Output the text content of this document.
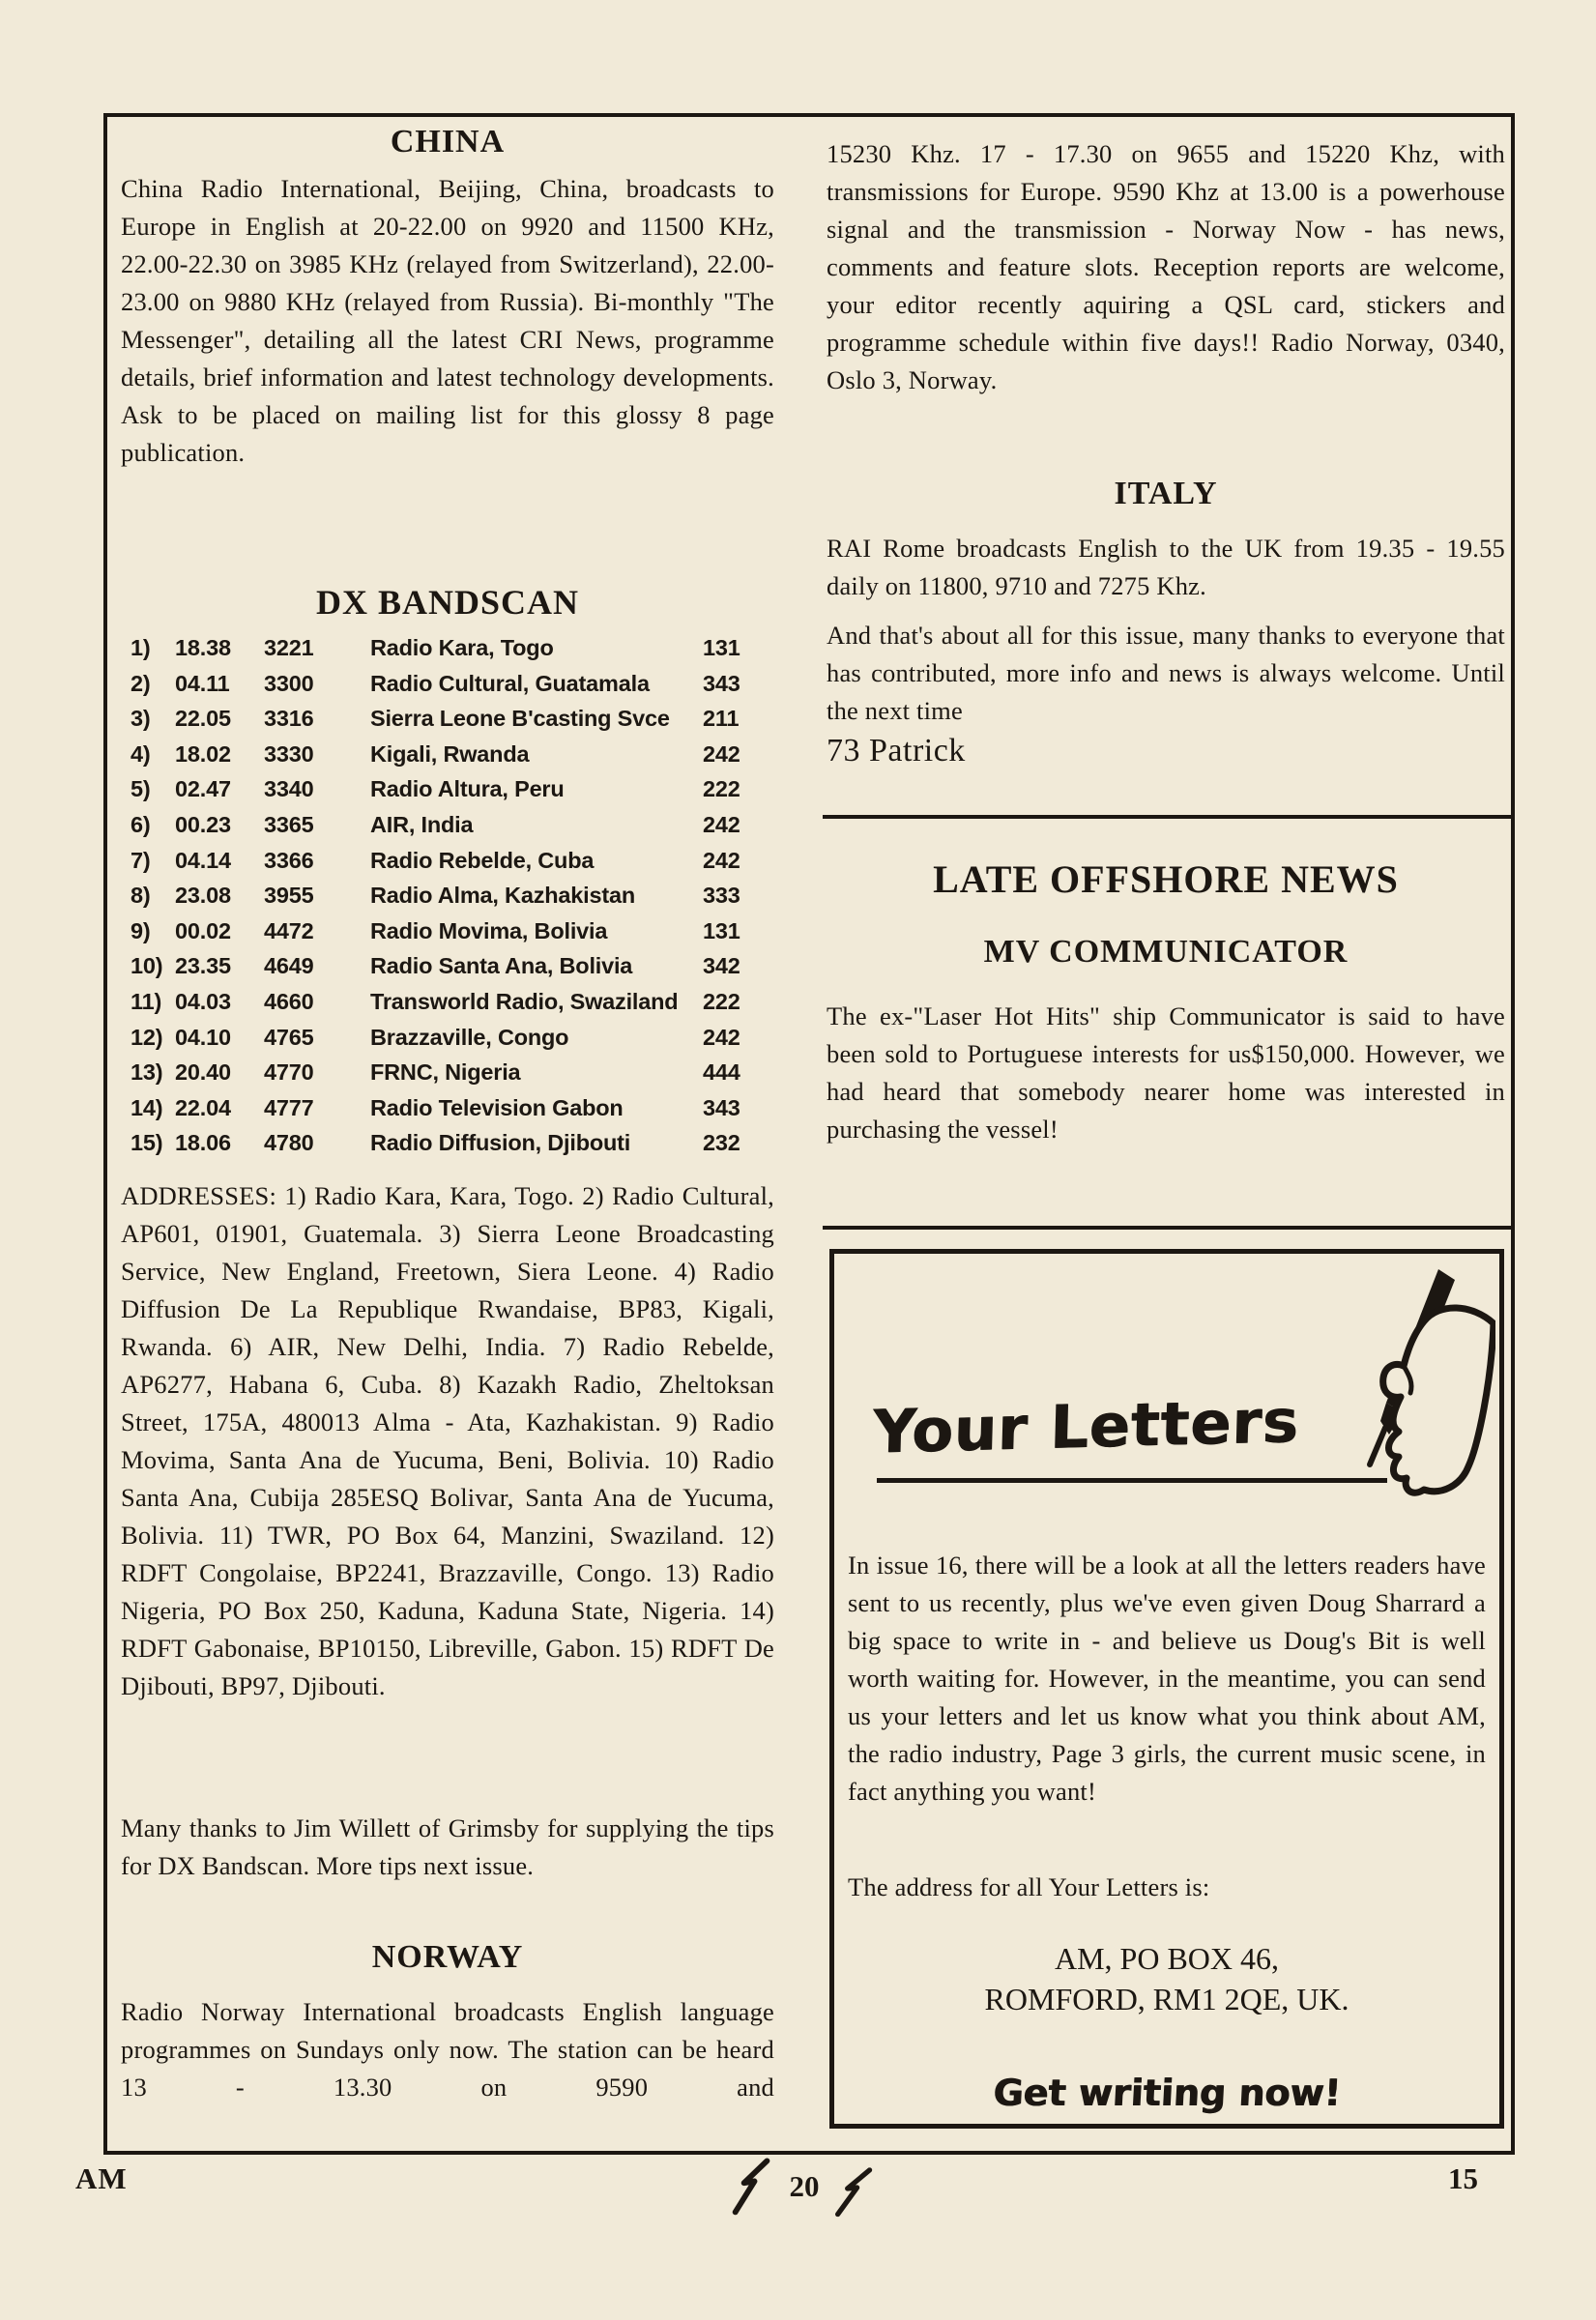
CHINA
China Radio International, Beijing, China, broadcasts to Europe in English at 20-22.00 on 9920 and 11500 KHz, 22.00-22.30 on 3985 KHz (relayed from Switzerland), 22.00-23.00 on 9880 KHz (relayed from Russia). Bi-monthly "The Messenger", detailing all the latest CRI News, programme details, brief information and latest technology developments. Ask to be placed on mailing list for this glossy 8 page publication.
DX BANDSCAN
1)	18.38	3221	Radio Kara, Togo	131
2)	04.11	3300	Radio Cultural, Guatamala	343
3)	22.05	3316	Sierra Leone B'casting Svce	211
4)	18.02	3330	Kigali, Rwanda	242
5)	02.47	3340	Radio Altura, Peru	222
6)	00.23	3365	AIR, India	242
7)	04.14	3366	Radio Rebelde, Cuba	242
8)	23.08	3955	Radio Alma, Kazhakistan	333
9)	00.02	4472	Radio Movima, Bolivia	131
10) 23.35	4649	Radio Santa Ana, Bolivia	342
11) 04.03	4660	Transworld Radio, Swaziland	222
12) 04.10	4765	Brazzaville, Congo	242
13) 20.40	4770	FRNC, Nigeria	444
14) 22.04	4777	Radio Television Gabon	343
15) 18.06	4780	Radio Diffusion, Djibouti	232
ADDRESSES: 1) Radio Kara, Kara, Togo. 2) Radio Cultural, AP601, 01901, Guatemala. 3) Sierra Leone Broadcasting Service, New England, Freetown, Siera Leone. 4) Radio Diffusion De La Republique Rwandaise, BP83, Kigali, Rwanda. 6) AIR, New Delhi, India. 7) Radio Rebelde, AP6277, Habana 6, Cuba. 8) Kazakh Radio, Zheltoksan Street, 175A, 480013 Alma - Ata, Kazhakistan. 9) Radio Movima, Santa Ana de Yucuma, Beni, Bolivia. 10) Radio Santa Ana, Cubija 285ESQ Bolivar, Santa Ana de Yucuma, Bolivia. 11) TWR, PO Box 64, Manzini, Swaziland. 12) RDFT Congolaise, BP2241, Brazzaville, Congo. 13) Radio Nigeria, PO Box 250, Kaduna, Kaduna State, Nigeria. 14) RDFT Gabonaise, BP10150, Libreville, Gabon. 15) RDFT De Djibouti, BP97, Djibouti.
Many thanks to Jim Willett of Grimsby for supplying the tips for DX Bandscan. More tips next issue.
NORWAY
Radio Norway International broadcasts English language programmes on Sundays only now. The station can be heard 13 - 13.30 on 9590 and
15230 Khz. 17 - 17.30 on 9655 and 15220 Khz, with transmissions for Europe. 9590 Khz at 13.00 is a powerhouse signal and the transmission - Norway Now - has news, comments and feature slots. Reception reports are welcome, your editor recently aquiring a QSL card, stickers and programme schedule within five days!! Radio Norway, 0340, Oslo 3, Norway.
ITALY
RAI Rome broadcasts English to the UK from 19.35 - 19.55 daily on 11800, 9710 and 7275 Khz.
And that's about all for this issue, many thanks to everyone that has contributed, more info and news is always welcome. Until the next time
73 Patrick
LATE OFFSHORE NEWS
MV COMMUNICATOR
The ex-"Laser Hot Hits" ship Communicator is said to have been sold to Portuguese interests for us$150,000. However, we had heard that somebody nearer home was interested in purchasing the vessel!
Your Letters
In issue 16, there will be a look at all the letters readers have sent to us recently, plus we've even given Doug Sharrard a big space to write in - and believe us Doug's Bit is well worth waiting for. However, in the meantime, you can send us your letters and let us know what you think about AM, the radio industry, Page 3 girls, the current music scene, in fact anything you want!
The address for all Your Letters is:
AM, PO BOX 46,
ROMFORD, RM1 2QE, UK.
Get writing now!
AM	20	15
